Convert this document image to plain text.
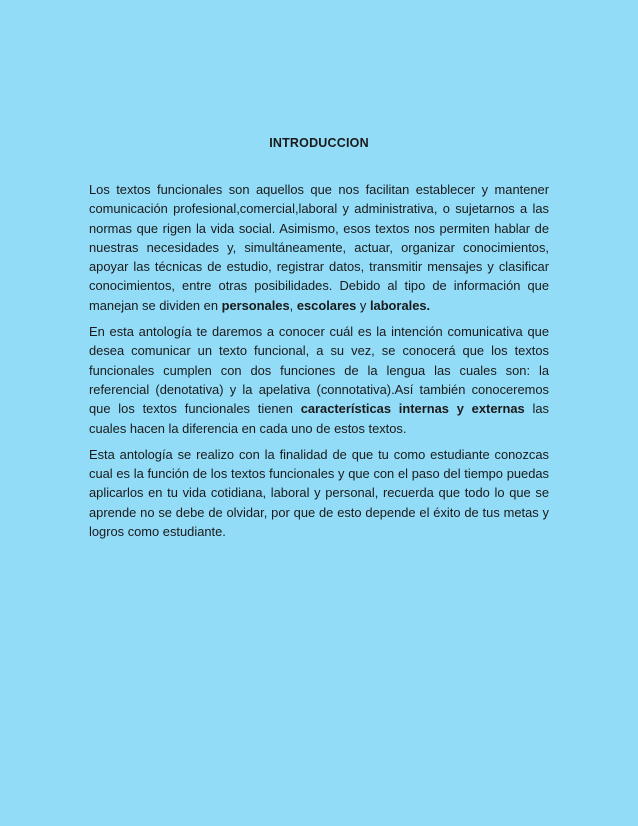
INTRODUCCION

Los textos funcionales son aquellos que nos facilitan establecer y mantener comunicación profesional,comercial,laboral y administrativa, o sujetarnos a las normas que rigen la vida social. Asimismo, esos textos nos permiten hablar de nuestras necesidades y, simultáneamente, actuar, organizar conocimientos, apoyar las técnicas de estudio, registrar datos, transmitir mensajes y clasificar conocimientos, entre otras posibilidades. Debido al tipo de información que manejan se dividen en personales, escolares y laborales.

En esta antología te daremos a conocer cuál es la intención comunicativa que desea comunicar un texto funcional, a su vez, se conocerá que los textos funcionales cumplen con dos funciones de la lengua las cuales son: la referencial (denotativa) y la apelativa (connotativa).Así también conoceremos que los textos funcionales tienen características internas y externas las cuales hacen la diferencia en cada uno de estos textos.

Esta antología se realizo con la finalidad de que tu como estudiante conozcas cual es la función de los textos funcionales y que con el paso del tiempo puedas aplicarlos en tu vida cotidiana, laboral y personal, recuerda que todo lo que se aprende no se debe de olvidar, por que de esto depende el éxito de tus metas y logros como estudiante.
